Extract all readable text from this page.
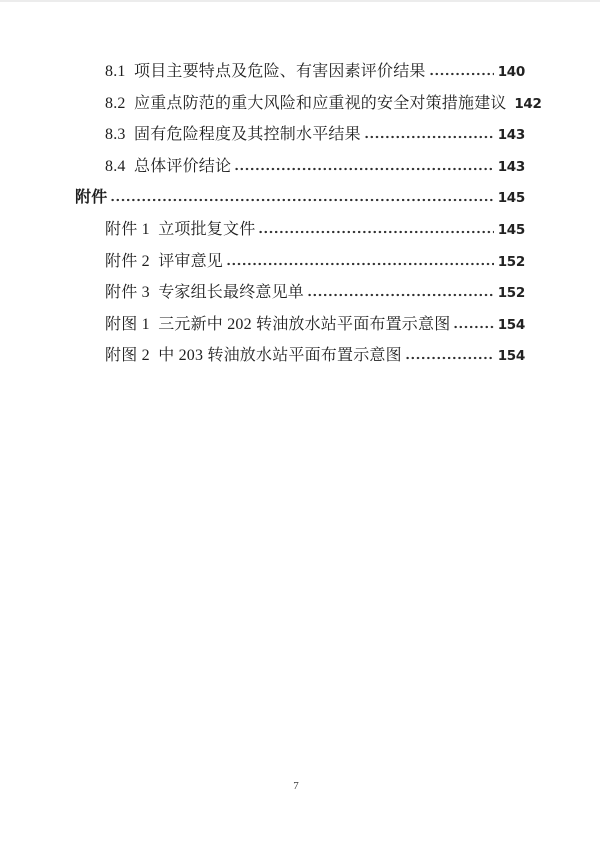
8.1  项目主要特点及危险、有害因素评价结果	140
8.2  应重点防范的重大风险和应重视的安全对策措施建议 142
8.3  固有危险程度及其控制水平结果	143
8.4  总体评价结论	143
附件	145
附件 1  立项批复文件	145
附件 2  评审意见	152
附件 3  专家组长最终意见单	152
附图 1  三元新中 202 转油放水站平面布置示意图	154
附图 2  中 203 转油放水站平面布置示意图	154
7
